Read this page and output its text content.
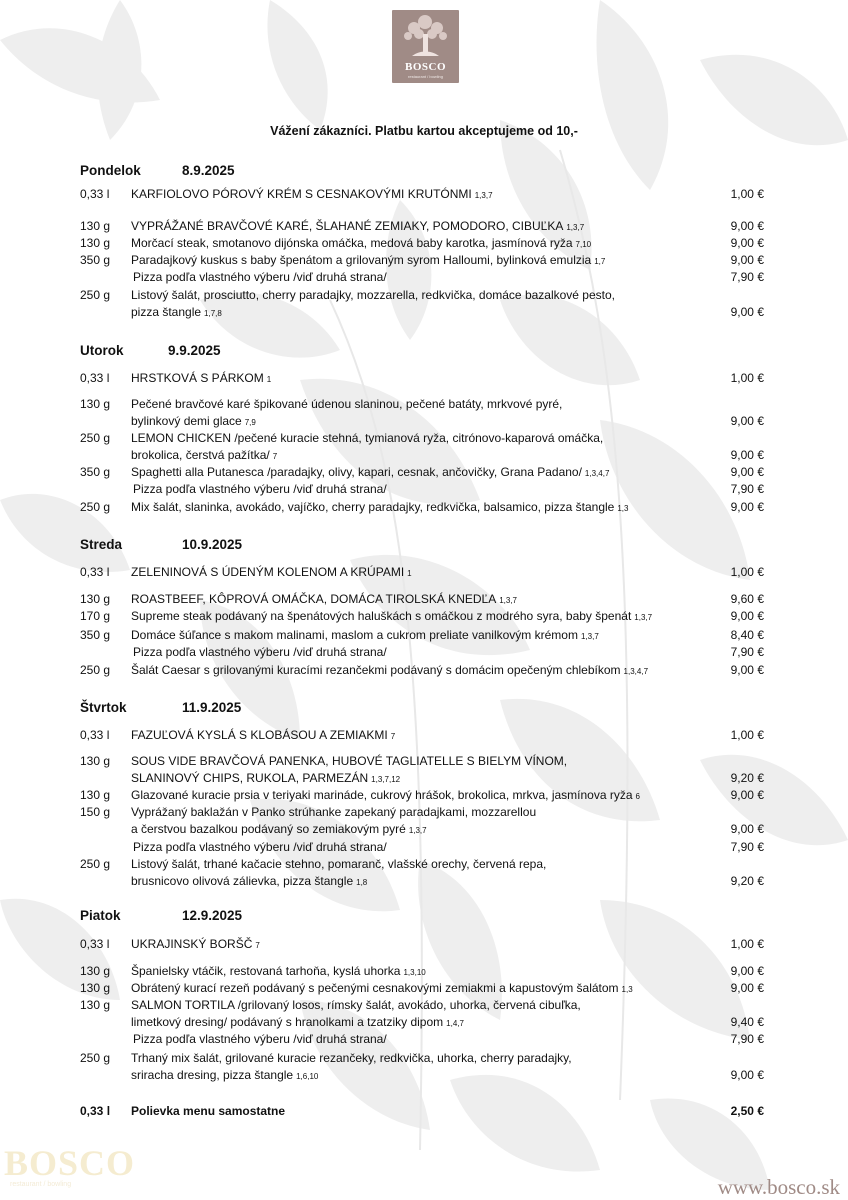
BOSCO
restaurant / bowling
Vážení zákazníci. Platbu kartou akceptujeme od 10,-
Pondelok	8.9.2025
0,33 l KARFIOLOVO PÓROVÝ KRÉM S CESNAKOVÝMI KRUTÓNMI 1,3,7	1,00 €
130 g VYPRÁŽANÉ BRAVČOVÉ KARÉ, ŠLAHANÉ ZEMIAKY, POMODORO, CIBUĽKA 1,3,7	9,00 €
130 g Morčací steak, smotanovo dijónska omáčka, medová baby karotka, jasmínová ryža 7,10	9,00 €
350 g Paradajkový kuskus s baby špenátom a grilovaným syrom Halloumi, bylinková emulzia 1,7	9,00 €
Pizza podľa vlastného výberu /viď druhá strana/	7,90 €
250 g Listový šalát, prosciutto, cherry paradajky, mozzarella, redkvička, domáce bazalkové pesto,
pizza štangle 1,7,8	9,00 €
Utorok	9.9.2025
0,33 l HRSTKOVÁ S PÁRKOM 1	1,00 €
130 g Pečené bravčové karé špikované údenou slaninou, pečené batáty, mrkvové pyré,
bylinkový demi glace 7,9	9,00 €
250 g LEMON CHICKEN /pečené kuracie stehná, tymianová ryža, citrónovo-kaparová omáčka,
brokolica, čerstvá pažítka/ 7	9,00 €
350 g Spaghetti alla Putanesca /paradajky, olivy, kapari, cesnak, ančovičky, Grana Padano/ 1,3,4,7	9,00 €
Pizza podľa vlastného výberu /viď druhá strana/	7,90 €
250 g Mix šalát, slaninka, avokádo, vajíčko, cherry paradajky, redkvička, balsamico, pizza štangle 1,3	9,00 €
Streda	10.9.2025
0,33 l ZELENINOVÁ S ÚDENÝM KOLENOM A KRÚPAMI 1	1,00 €
130 g ROASTBEEF, KÔPROVÁ OMÁČKA, DOMÁCA TIROLSKÁ KNEDĽA 1,3,7	9,60 €
170 g Supreme steak podávaný na špenátových haluškách s omáčkou z modrého syra, baby špenát 1,3,7	9,00 €
350 g Domáce šúľance s makom malinami, maslom a cukrom preliate vanilkovým krémom 1,3,7	8,40 €
Pizza podľa vlastného výberu /viď druhá strana/	7,90 €
250 g Šalát Caesar s grilovanými kuracími rezančekmi podávaný s domácim opečeným chlebíkom 1,3,4,7	9,00 €
Štvrtok	11.9.2025
0,33 l FAZUĽOVÁ KYSLÁ S KLOBÁSOU A ZEMIAKMI 7	1,00 €
130 g SOUS VIDE BRAVČOVÁ PANENKA, HUBOVÉ TAGLIATELLE S BIELYM VÍNOM,
SLANINOVÝ CHIPS, RUKOLA, PARMEZÁN 1,3,7,12	9,20 €
130 g Glazované kuracie prsia v teriyaki marináde, cukrový hrášok, brokolica, mrkva, jasmínova ryža 6	9,00 €
150 g Vyprážaný baklažán v Panko strúhanke zapekaný paradajkami, mozzarellou
a čerstvou bazalkou podávaný so zemiakovým pyré 1,3,7	9,00 €
Pizza podľa vlastného výberu /viď druhá strana/	7,90 €
250 g Listový šalát, trhané kačacie stehno, pomaranč, vlašské orechy, červená repa,
brusnicovo olivová zálievka, pizza štangle 1,8	9,20 €
Piatok	12.9.2025
0,33 l UKRAJINSKÝ BORŠČ 7	1,00 €
130 g Španielsky vtáčik, restovaná tarhoňa, kyslá uhorka 1,3,10	9,00 €
130 g Obrátený kurací rezeň podávaný s pečenými cesnakovými zemiakmi a kapustovým šalátom 1,3	9,00 €
130 g SALMON TORTILA /grilovaný losos, rímsky šalát, avokádo, uhorka, červená cibuľka,
limetkový dresing/ podávaný s hranolkami a tzatziky dipom 1,4,7	9,40 €
Pizza podľa vlastného výberu /viď druhá strana/	7,90 €
250 g Trhaný mix šalát, grilované kuracie rezančeky, redkvička, uhorka, cherry paradajky,
sriracha dresing, pizza štangle 1,6,10	9,00 €
0,33 l Polievka menu samostatne	2,50 €
BOSCO
restaurant / bowling	www.bosco.sk
